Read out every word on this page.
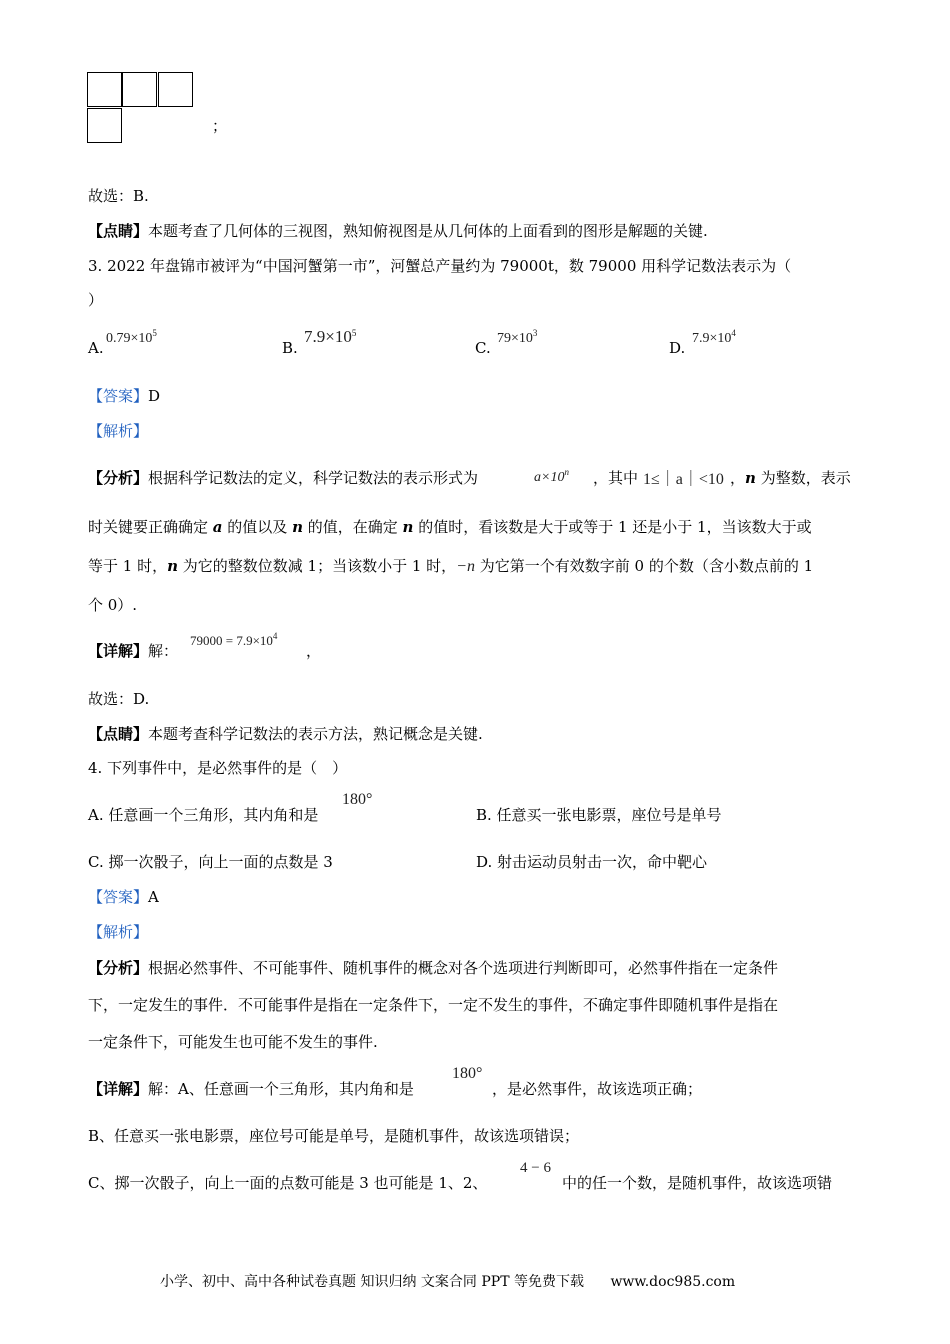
；
故选：B.
【点睛】本题考查了几何体的三视图，熟知俯视图是从几何体的上面看到的图形是解题的关键.
3. 2022 年盘锦市被评为“中国河蟹第一市”，河蟹总产量约为 79000t，数 79000 用科学记数法表示为（
）
A.
$0.79\times 10^5$
B.
$7.9\times 10^5$
C.
$79\times 10^3$
D.
$7.9\times 10^4$
【答案】D
【解析】
【分析】根据科学记数法的定义，科学记数法的表示形式为	$a\times 10^n$ ，其中 1≤｜a｜<10 ，n 为整数，表示
时关键要正确确定 a 的值以及 n 的值，在确定 n 的值时，看该数是大于或等于 1 还是小于 1，当该数大于或
等于 1 时，n 为它的整数位数减 1；当该数小于 1 时，−n 为它第一个有效数字前 0 的个数（含小数点前的 1
个 0）.
【详解】解：
$79000 = 7.9\times 10^4$
，
故选：D.
【点睛】本题考查科学记数法的表示方法，熟记概念是关键.
4. 下列事件中，是必然事件的是（　）
A. 任意画一个三角形，其内角和是
180°
B. 任意买一张电影票，座位号是单号
C. 掷一次骰子，向上一面的点数是 3	D. 射击运动员射击一次，命中靶心
【答案】A
【解析】
【分析】根据必然事件、不可能事件、随机事件的概念对各个选项进行判断即可，必然事件指在一定条件
下，一定发生的事件．不可能事件是指在一定条件下，一定不发生的事件，不确定事件即随机事件是指在
一定条件下，可能发生也可能不发生的事件.
【详解】解：A、任意画一个三角形，其内角和是
180°
，是必然事件，故该选项正确；
B、任意买一张电影票，座位号可能是单号，是随机事件，故该选项错误；
C、掷一次骰子，向上一面的点数可能是 3 也可能是 1、2、
4 − 6
中的任一个数，是随机事件，故该选项错
小学、初中、高中各种试卷真题 知识归纳 文案合同 PPT 等免费下载 www.doc985.com
